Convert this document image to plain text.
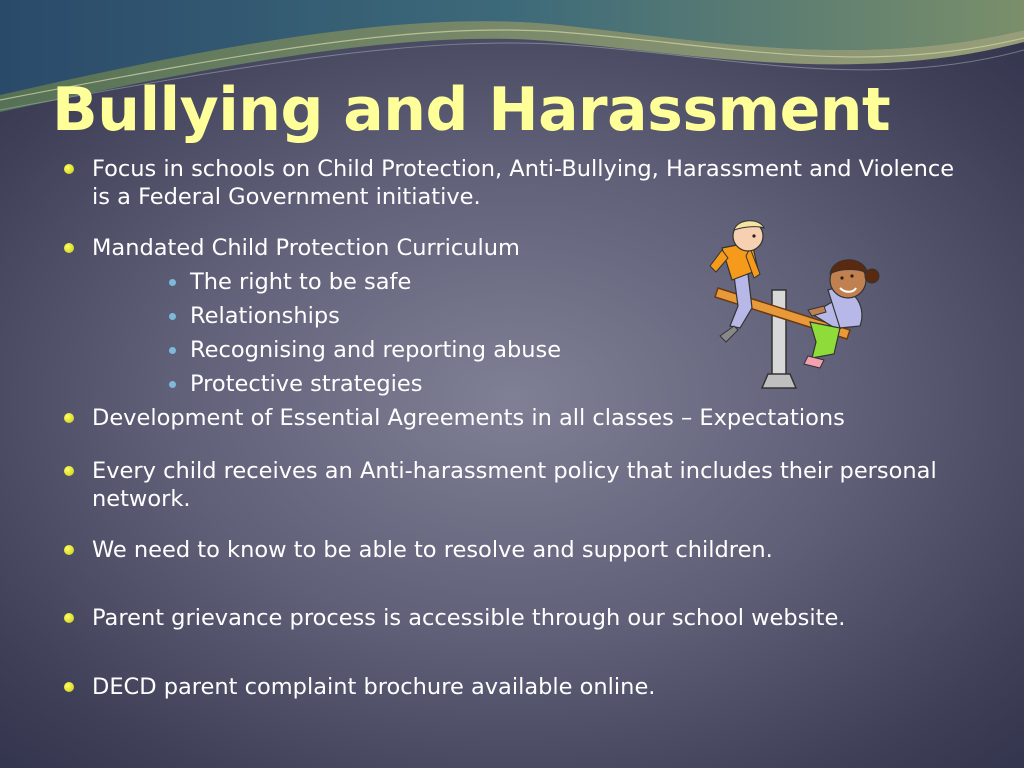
Bullying and Harassment
Focus in schools on Child Protection, Anti-Bullying, Harassment and Violence is a Federal Government initiative.
Mandated Child Protection Curriculum
The right to be safe
Relationships
Recognising and reporting abuse
Protective strategies
Development of Essential Agreements in all classes – Expectations
Every child receives an Anti-harassment policy that includes their personal network.
We need to know to be able to resolve and support children.
Parent grievance process is accessible through our school website.
DECD parent complaint brochure available online.
